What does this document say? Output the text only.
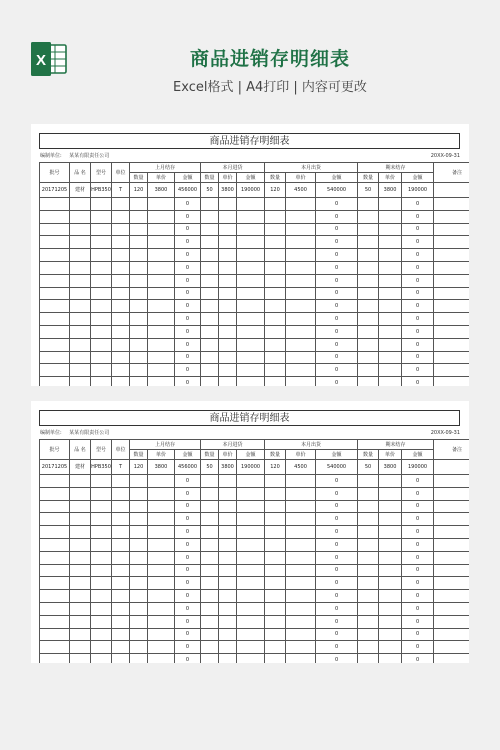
X	商品进销存明细表
Excel格式 | A4打印 | 内容可更改
商品进销存明细表
编制单位: 某某有限责任公司	20XX-09-31
批号	品 名	型号	单位	上月结存			本月进货			本月出货			期末结存			备注
				数量	单价	金额	数量	单价	金额	数量	单价	金额	数量	单价	金额	
20171205	建材	HPB350	T	120	3800	456000	50	3800	190000	120	4500	540000	50	3800	190000	
						0						0			0	
						0						0			0	
						0						0			0	
						0						0			0	
						0						0			0	
						0						0			0	
						0						0			0	
						0						0			0	
						0						0			0	
						0						0			0	
						0						0			0	
						0						0			0	
						0						0			0	
						0						0			0	
						0						0			0	
商品进销存明细表
编制单位: 某某有限责任公司	20XX-09-31
批号	品 名	型号	单位	上月结存			本月进货			本月出货			期末结存			备注
				数量	单价	金额	数量	单价	金额	数量	单价	金额	数量	单价	金额	
20171205	建材	HPB350	T	120	3800	456000	50	3800	190000	120	4500	540000	50	3800	190000	
						0						0			0	
						0						0			0	
						0						0			0	
						0						0			0	
						0						0			0	
						0						0			0	
						0						0			0	
						0						0			0	
						0						0			0	
						0						0			0	
						0						0			0	
						0						0			0	
						0						0			0	
						0						0			0	
						0						0			0	
